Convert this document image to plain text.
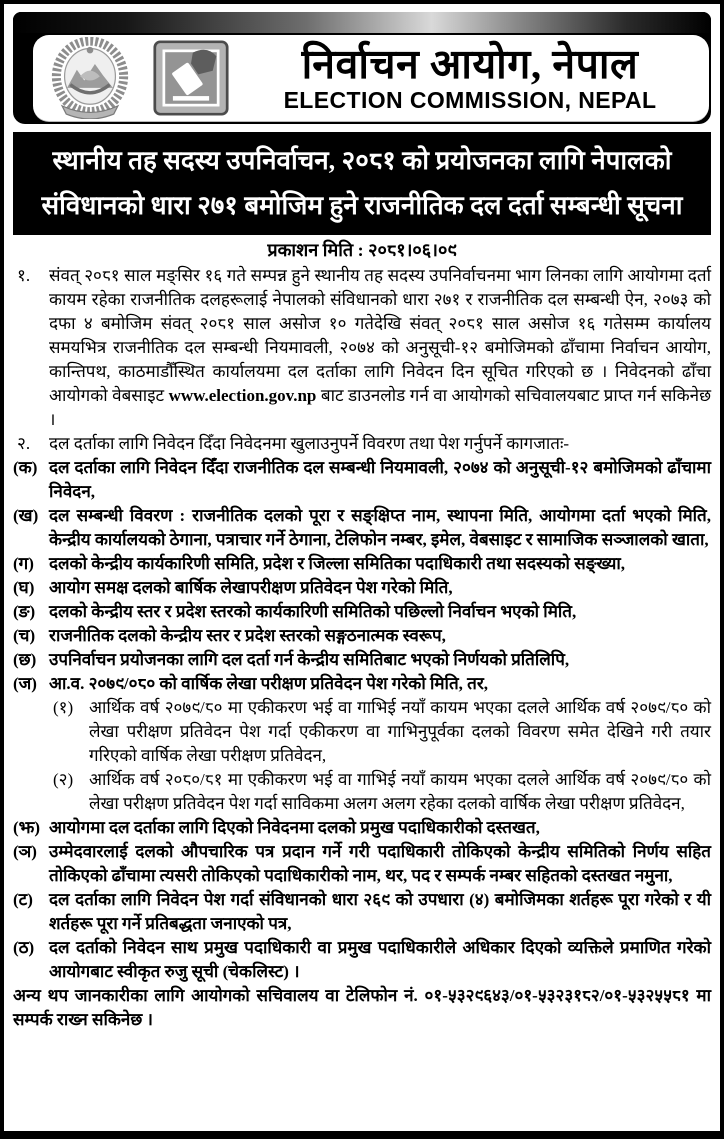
निर्वाचन आयोग, नेपाल
ELECTION COMMISSION, NEPAL
स्थानीय तह सदस्य उपनिर्वाचन, २०८१ को प्रयोजनका लागि नेपालको
संविधानको धारा २७१ बमोजिम हुने राजनीतिक दल दर्ता सम्बन्धी सूचना
प्रकाशन मिति : २०८१।०६।०९
१.	संवत् २०८१ साल मङ्सिर १६ गते सम्पन्न हुने स्थानीय तह सदस्य उपनिर्वाचनमा भाग लिनका लागि आयोगमा दर्ता कायम रहेका राजनीतिक दलहरूलाई नेपालको संविधानको धारा २७१ र राजनीतिक दल सम्बन्धी ऐन, २०७३ को दफा ४ बमोजिम संवत् २०८१ साल असोज १० गतेदेखि संवत् २०८१ साल असोज १६ गतेसम्म कार्यालय समयभित्र राजनीतिक दल सम्बन्धी नियमावली, २०७४ को अनुसूची-१२ बमोजिमको ढाँचामा निर्वाचन आयोग, कान्तिपथ, काठमाडौँस्थित कार्यालयमा दल दर्ताका लागि निवेदन दिन सूचित गरिएको छ । निवेदनको ढाँचा आयोगको वेबसाइट www.election.gov.np बाट डाउनलोड गर्न वा आयोगको सचिवालयबाट प्राप्त गर्न सकिनेछ ।
२.	दल दर्ताका लागि निवेदन दिँदा निवेदनमा खुलाउनुपर्ने विवरण तथा पेश गर्नुपर्ने कागजातः-
(क) दल दर्ताका लागि निवेदन दिँदा राजनीतिक दल सम्बन्धी नियमावली, २०७४ को अनुसूची-१२ बमोजिमको ढाँचामा निवेदन,
(ख) दल सम्बन्धी विवरण : राजनीतिक दलको पूरा र सङ्क्षिप्त नाम, स्थापना मिति, आयोगमा दर्ता भएको मिति, केन्द्रीय कार्यालयको ठेगाना, पत्राचार गर्ने ठेगाना, टेलिफोन नम्बर, इमेल, वेबसाइट र सामाजिक सञ्जालको खाता,
(ग) दलको केन्द्रीय कार्यकारिणी समिति, प्रदेश र जिल्ला समितिका पदाधिकारी तथा सदस्यको सङ्ख्या,
(घ) आयोग समक्ष दलको बार्षिक लेखापरीक्षण प्रतिवेदन पेश गरेको मिति,
(ङ) दलको केन्द्रीय स्तर र प्रदेश स्तरको कार्यकारिणी समितिको पछिल्लो निर्वाचन भएको मिति,
(च) राजनीतिक दलको केन्द्रीय स्तर र प्रदेश स्तरको सङ्गठनात्मक स्वरूप,
(छ) उपनिर्वाचन प्रयोजनका लागि दल दर्ता गर्न केन्द्रीय समितिबाट भएको निर्णयको प्रतिलिपि,
(ज) आ.व. २०७९/०८० को वार्षिक लेखा परीक्षण प्रतिवेदन पेश गरेको मिति, तर,
(१) आर्थिक वर्ष २०७९/८० मा एकीकरण भई वा गाभिई नयाँ कायम भएका दलले आर्थिक वर्ष २०७९/८० को लेखा परीक्षण प्रतिवेदन पेश गर्दा एकीकरण वा गाभिनुपूर्वका दलको विवरण समेत देखिने गरी तयार गरिएको वार्षिक लेखा परीक्षण प्रतिवेदन,
(२) आर्थिक वर्ष २०८०/८१ मा एकीकरण भई वा गाभिई नयाँ कायम भएका दलले आर्थिक वर्ष २०७९/८० को लेखा परीक्षण प्रतिवेदन पेश गर्दा साविकमा अलग अलग रहेका दलको वार्षिक लेखा परीक्षण प्रतिवेदन,
(झ) आयोगमा दल दर्ताका लागि दिएको निवेदनमा दलको प्रमुख पदाधिकारीको दस्तखत,
(ञ) उम्मेदवारलाई दलको औपचारिक पत्र प्रदान गर्ने गरी पदाधिकारी तोकिएको केन्द्रीय समितिको निर्णय सहित तोकिएको ढाँचामा त्यसरी तोकिएको पदाधिकारीको नाम, थर, पद र सम्पर्क नम्बर सहितको दस्तखत नमुना,
(ट) दल दर्ताका लागि निवेदन पेश गर्दा संविधानको धारा २६९ को उपधारा (४) बमोजिमका शर्तहरू पूरा गरेको र यी शर्तहरू पूरा गर्ने प्रतिबद्धता जनाएको पत्र,
(ठ) दल दर्ताको निवेदन साथ प्रमुख पदाधिकारी वा प्रमुख पदाधिकारीले अधिकार दिएको व्यक्तिले प्रमाणित गरेको आयोगबाट स्वीकृत रुजु सूची (चेकलिस्ट) ।
अन्य थप जानकारीका लागि आयोगको सचिवालय वा टेलिफोन नं. ०१-५३२९६४३/०१-५३२३१८२/०१-५३२५५८१ मा सम्पर्क राख्न सकिनेछ ।
